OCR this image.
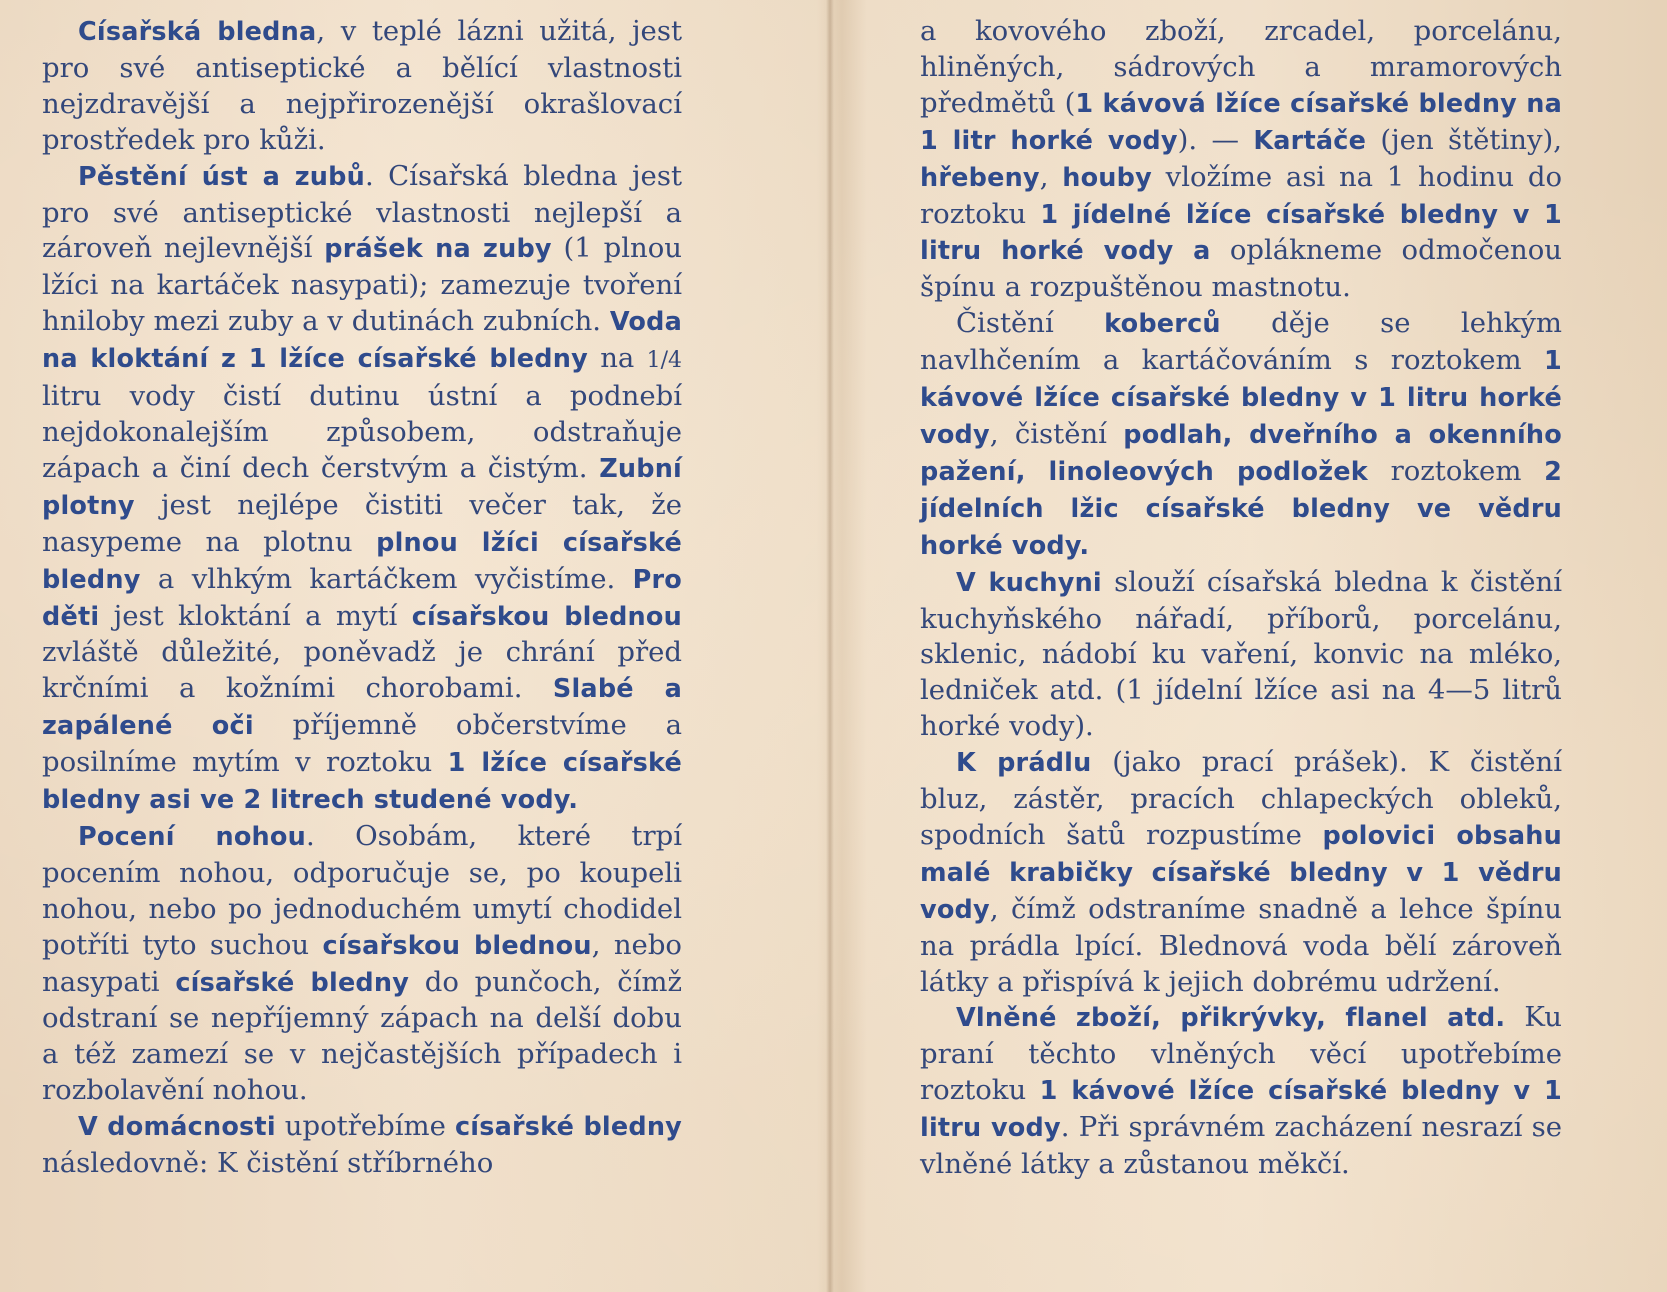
Císařská bledna, v teplé lázni užitá, jest pro své antiseptické a bělící vlastnosti nejzdravější a nejpřirozenější okrašlovací prostředek pro kůži.

Pěstění úst a zubů. Císařská bledna jest pro své antiseptické vlastnosti nejlepší a zároveň nejlevnější prášek na zuby (1 plnou lžíci na kartáček nasypati); zamezuje tvoření hniloby mezi zuby a v dutinách zubních. Voda na kloktání z 1 lžíce císařské bledny na 1/4 litru vody čistí dutinu ústní a podnebí nejdokonalejším způsobem, odstraňuje zápach a činí dech čerstvým a čistým. Zubní plotny jest nejlépe čistiti večer tak, že nasypeme na plotnu plnou lžíci císařské bledny a vlhkým kartáčkem vyčistíme. Pro děti jest kloktání a mytí císařskou blednou zvláště důležité, poněvadž je chrání před krčními a kožními chorobami. Slabé a zapálené oči příjemně občerstvíme a posilníme mytím v roztoku 1 lžíce císařské bledny asi ve 2 litrech studené vody.

Pocení nohou. Osobám, které trpí pocením nohou, odporučuje se, po koupeli nohou, nebo po jednoduchém umytí chodidel potříti tyto suchou císařskou blednou, nebo nasypati císařské bledny do punčoch, čímž odstraní se nepříjemný zápach na delší dobu a též zamezí se v nejčastějších případech i rozbolavění nohou.

V domácnosti upotřebíme císařské bledny následovně: K čistění stříbrného

a kovového zboží, zrcadel, porcelánu, hliněných, sádrových a mramorových předmětů (1 kávová lžíce císařské bledny na 1 litr horké vody). — Kartáče (jen štětiny), hřebeny, houby vložíme asi na 1 hodinu do roztoku 1 jídelné lžíce císařské bledny v 1 litru horké vody a oplákneme odmočenou špínu a rozpuštěnou mastnotu.

Čistění koberců děje se lehkým navlhčením a kartáčováním s roztokem 1 kávové lžíce císařské bledny v 1 litru horké vody, čistění podlah, dveřního a okenního pažení, linoleových podložek roztokem 2 jídelních lžic císařské bledny ve vědru horké vody.

V kuchyni slouží císařská bledna k čistění kuchyňského nářadí, příborů, porcelánu, sklenic, nádobí ku vaření, konvic na mléko, ledniček atd. (1 jídelní lžíce asi na 4—5 litrů horké vody).

K prádlu (jako prací prášek). K čistění bluz, zástěr, pracích chlapeckých obleků, spodních šatů rozpustíme polovici obsahu malé krabičky císařské bledny v 1 vědru vody, čímž odstraníme snadně a lehce špínu na prádla lpící. Blednová voda bělí zároveň látky a přispívá k jejich dobrému udržení.

Vlněné zboží, přikrývky, flanel atd. Ku praní těchto vlněných věcí upotřebíme roztoku 1 kávové lžíce císařské bledny v 1 litru vody. Při správném zacházení nesrazí se vlněné látky a zůstanou měkčí.
